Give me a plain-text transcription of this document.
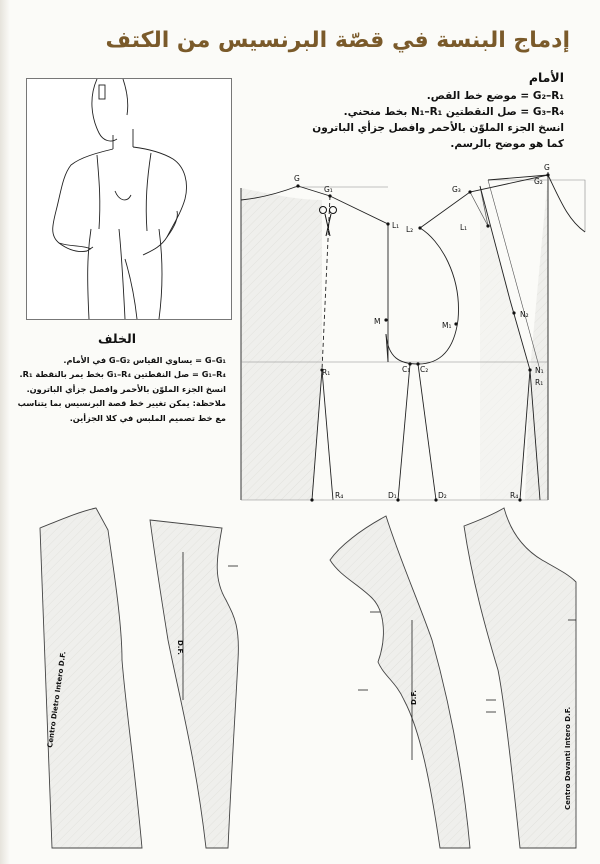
إدماج البنسة في قصّة البرنسيس من الكتف
الأمام
G₂–R₁ = موضع خط القص.
G₃–R₄ = صل النقطتين N₁–R₁ بخط منحني.
انسخ الجزء الملوّن بالأحمر وافصل جزأي الباترون
كما هو موضح بالرسم.
الخلف
G–G₁ = يساوي القياس G–G₂ في الأمام.
G₁–R₄ = صل النقطتين G₁–R₄ بخط يمر بالنقطة R₁.
انسخ الجزء الملوّن بالأحمر وافصل جزأي الباترون.
ملاحظة: يمكن تغيير خط قصة البرنسيس بما يتناسب
مع خط تصميم الملبس في كلا الجزأين.
G
G₁
L₁ L₂
G₃
L₁
G₂
G
M	M₁
N₂
R₁	C₁ C₂	N₁
R₁
R₄	D₁	D₂	R₄
Centro Dietro Intero D.F.
D.F.
D.F.
Centro Davanti Intero D.F.
